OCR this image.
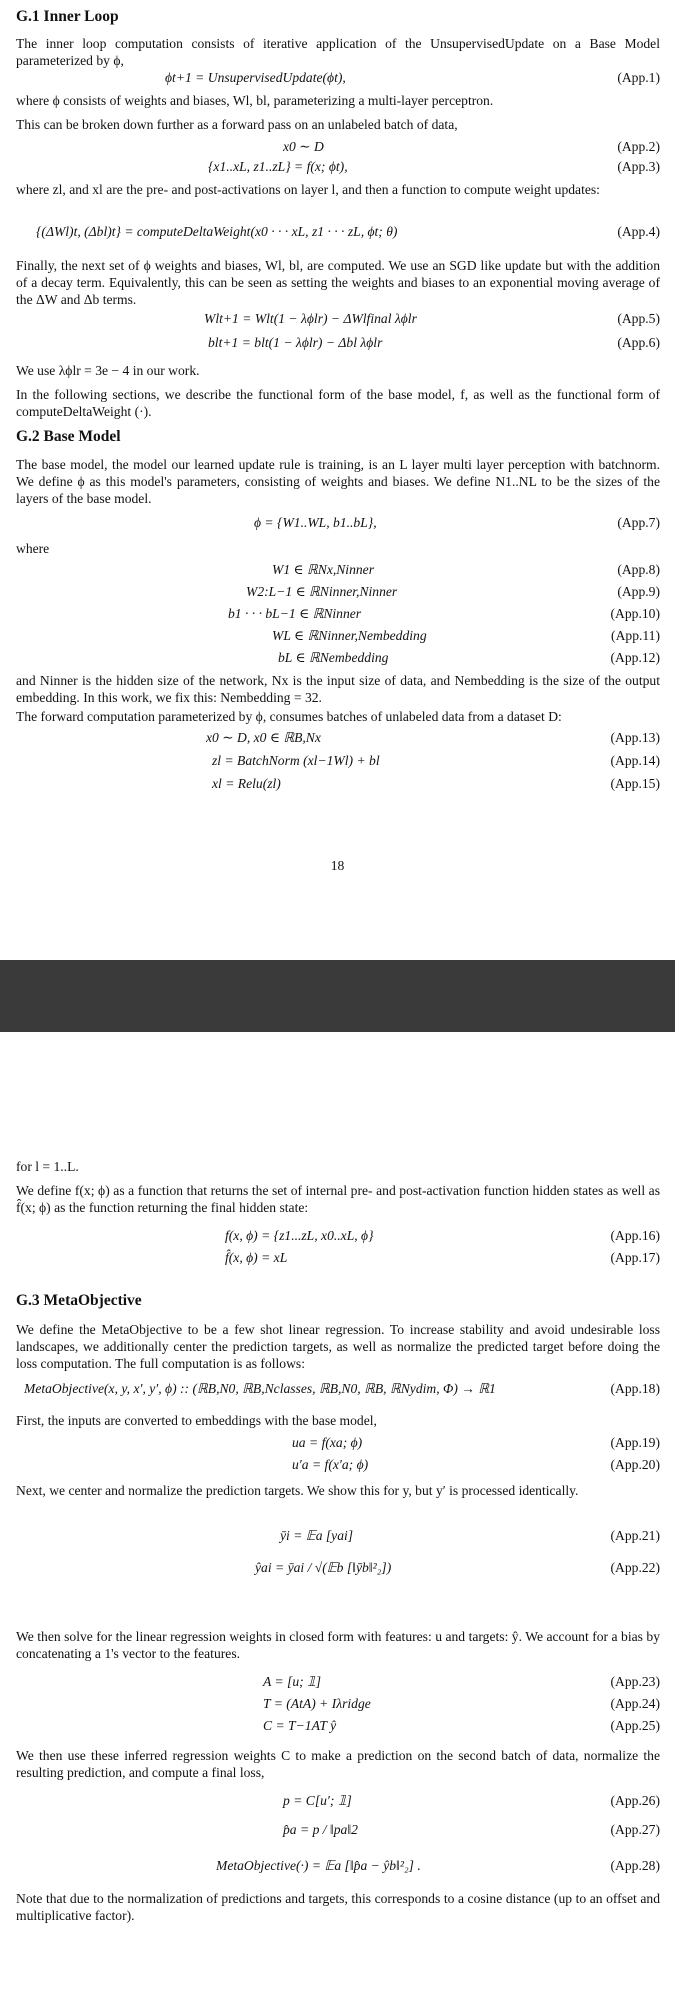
G.1 Inner Loop

The inner loop computation consists of iterative application of the UnsupervisedUpdate on a Base Model parameterized by ϕ,

ϕt+1 = UnsupervisedUpdate(ϕt),	(App.1)

where ϕ consists of weights and biases, Wl, bl, parameterizing a multi-layer perceptron.

This can be broken down further as a forward pass on an unlabeled batch of data,

x0 ∼ D	(App.2)
{x1..xL, z1..zL} = f(x; ϕt),	(App.3)

where zl, and xl are the pre- and post-activations on layer l, and then a function to compute weight updates:

{(ΔWl)t, (Δbl)t} = computeDeltaWeight(x0 · · · xL, z1 · · · zL, ϕt; θ)	(App.4)

Finally, the next set of ϕ weights and biases, Wl, bl, are computed. We use an SGD like update but with the addition of a decay term. Equivalently, this can be seen as setting the weights and biases to an exponential moving average of the ΔW and Δb terms.

Wlt+1 = Wlt(1 − λϕlr) − ΔWlfinal λϕlr	(App.5)
blt+1 = blt(1 − λϕlr) − Δbl λϕlr	(App.6)

We use λϕlr = 3e − 4 in our work.

In the following sections, we describe the functional form of the base model, f, as well as the functional form of computeDeltaWeight (·).

G.2 Base Model

The base model, the model our learned update rule is training, is an L layer multi layer perception with batchnorm. We define ϕ as this model's parameters, consisting of weights and biases. We define N1..NL to be the sizes of the layers of the base model.

ϕ = {W1..WL, b1..bL},	(App.7)

where

W1 ∈ ℝNx,Ninner	(App.8)
W2:L−1 ∈ ℝNinner,Ninner	(App.9)
b1 · · · bL−1 ∈ ℝNinner	(App.10)
WL ∈ ℝNinner,Nembedding	(App.11)
bL ∈ ℝNembedding	(App.12)

and Ninner is the hidden size of the network, Nx is the input size of data, and Nembedding is the size of the output embedding. In this work, we fix this: Nembedding = 32.

The forward computation parameterized by ϕ, consumes batches of unlabeled data from a dataset D:

x0 ∼ D, x0 ∈ ℝB,Nx	(App.13)
zl = BatchNorm (xl−1Wl) + bl	(App.14)
xl = Relu(zl)	(App.15)
18

for l = 1..L.

We define f(x; ϕ) as a function that returns the set of internal pre- and post-activation function hidden states as well as f̂(x; ϕ) as the function returning the final hidden state:

f(x, ϕ) = {z1...zL, x0..xL, ϕ}	(App.16)
f̂(x, ϕ) = xL	(App.17)
G.3 MetaObjective

We define the MetaObjective to be a few shot linear regression. To increase stability and avoid undesirable loss landscapes, we additionally center the prediction targets, as well as normalize the predicted target before doing the loss computation. The full computation is as follows:

MetaObjective(x, y, x′, y′, ϕ) :: (ℝB,N0, ℝB,Nclasses, ℝB,N0, ℝB, ℝNydim, Φ) → ℝ1	(App.18)

First, the inputs are converted to embeddings with the base model,

ua = f(xa; ϕ)	(App.19)
u′a = f(x′a; ϕ)	(App.20)

Next, we center and normalize the prediction targets. We show this for y, but y′ is processed identically.

ȳi = 𝔼a [yai]	(App.21)
ŷai = ȳai / √(𝔼b [‖ȳb‖²₂])	(App.22)

We then solve for the linear regression weights in closed form with features: u and targets: ŷ. We account for a bias by concatenating a 1's vector to the features.

A = [u; 𝟙]	(App.23)
T = (AtA) + Iλridge	(App.24)
C = T−1AT ŷ	(App.25)

We then use these inferred regression weights C to make a prediction on the second batch of data, normalize the resulting prediction, and compute a final loss,

p = C[u′; 𝟙]	(App.26)
p̂a = p / ‖pa‖2	(App.27)
MetaObjective(·) = 𝔼a [‖p̂a − ŷb‖²₂] .	(App.28)

Note that due to the normalization of predictions and targets, this corresponds to a cosine distance (up to an offset and multiplicative factor).
